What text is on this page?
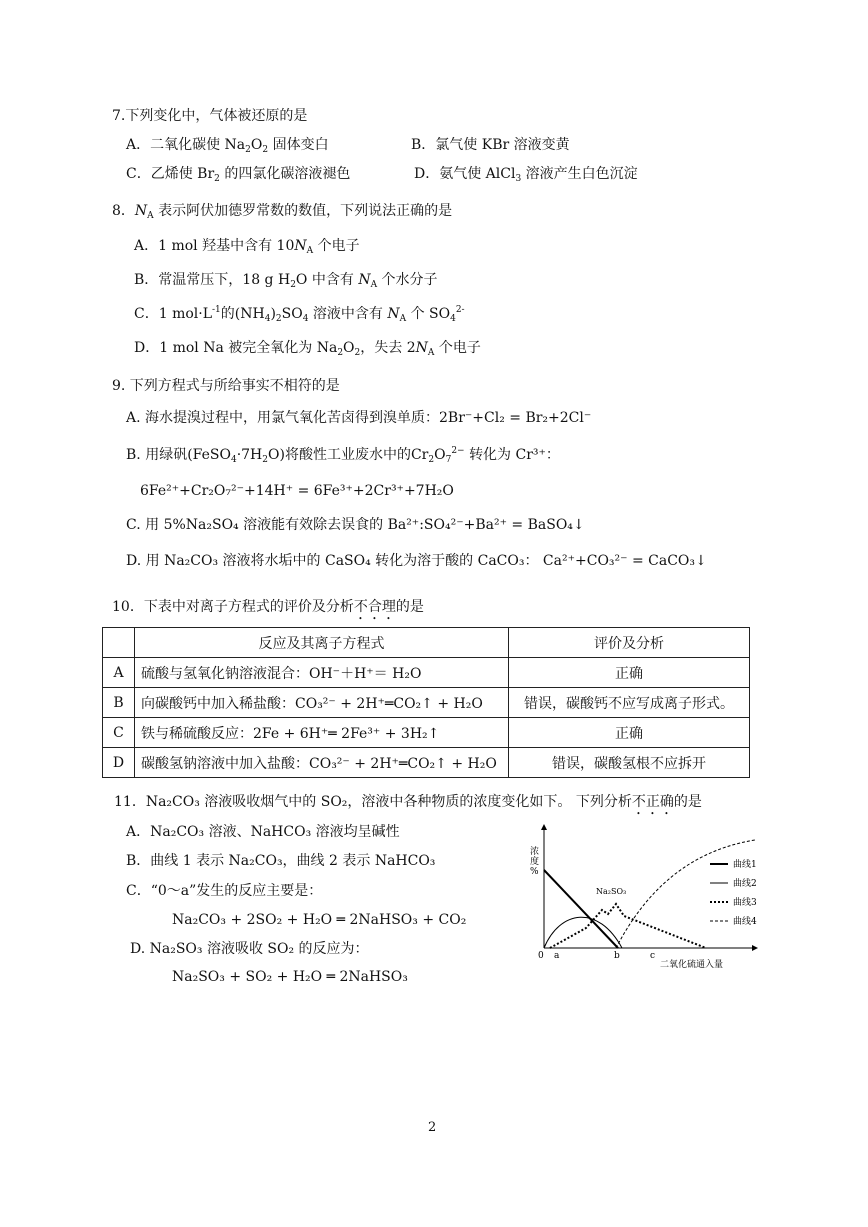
7.下列变化中，气体被还原的是
A．二氧化碳使 $Na_2O_2$ 固体变白	B．氯气使 KBr 溶液变黄
C．乙烯使 $Br_2$ 的四氯化碳溶液褪色	D．氨气使 AlCl$_3$ 溶液产生白色沉淀
8．$N_A$ 表示阿伏加德罗常数的数值，下列说法正确的是
A．1 mol 羟基中含有 $10N_A$ 个电子
B．常温常压下，18 g $H_2O$ 中含有 $N_A$ 个水分子
C．1 $mol\cdot L^{-1}$的$(NH_4)_2SO_4$ 溶液中含有 $N_A$ 个 $SO_4^{2-}$
D．1 mol Na 被完全氧化为 $Na_2O_2$，失去 $2N_A$ 个电子
9. 下列方程式与所给事实不相符的是
A. 海水提溴过程中，用氯气氧化苦卤得到溴单质：2Br⁻+Cl₂ = Br₂+2Cl⁻
B. 用绿矾$(FeSO_4\cdot 7H_2O)$将酸性工业废水中的$Cr_2O_7^{2-}$ 转化为 Cr³⁺：
6Fe²⁺+Cr₂O₇²⁻+14H⁺ = 6Fe³⁺+2Cr³⁺+7H₂O
C. 用 5%Na₂SO₄ 溶液能有效除去误食的 Ba²⁺:SO₄²⁻+Ba²⁺ = BaSO₄↓
D. 用 Na₂CO₃ 溶液将水垢中的 CaSO₄ 转化为溶于酸的 CaCO₃： Ca²⁺+CO₃²⁻ = CaCO₃↓
10．下表中对离子方程式的评价及分析不合理的是
	反应及其离子方程式	评价及分析
A	硫酸与氢氧化钠溶液混合：OH⁻＋H⁺＝ H₂O	正确
B	向碳酸钙中加入稀盐酸：CO₃²⁻ + 2H⁺═CO₂↑ + H₂O	错误，碳酸钙不应写成离子形式。
C	铁与稀硫酸反应：2Fe + 6H⁺═ 2Fe³⁺ + 3H₂↑	正确
D	碳酸氢钠溶液中加入盐酸：CO₃²⁻ + 2H⁺═CO₂↑ + H₂O	错误，碳酸氢根不应拆开
11．Na₂CO₃ 溶液吸收烟气中的 SO₂，溶液中各种物质的浓度变化如下。 下列分析不正确的是
A．Na₂CO₃ 溶液、NaHCO₃ 溶液均呈碱性
B．曲线 1 表示 Na₂CO₃，曲线 2 表示 NaHCO₃
C．“0～a”发生的反应主要是：
Na₂CO₃ + 2SO₂ + H₂O ═ 2NaHSO₃ + CO₂
D. Na₂SO₃ 溶液吸收 SO₂ 的反应为：
Na₂SO₃ + SO₂ + H₂O ═ 2NaHSO₃
浓度%
0 a	b	c
二氧化硫通入量
Na₂SO₃
曲线1
曲线2
曲线3
曲线4
2
